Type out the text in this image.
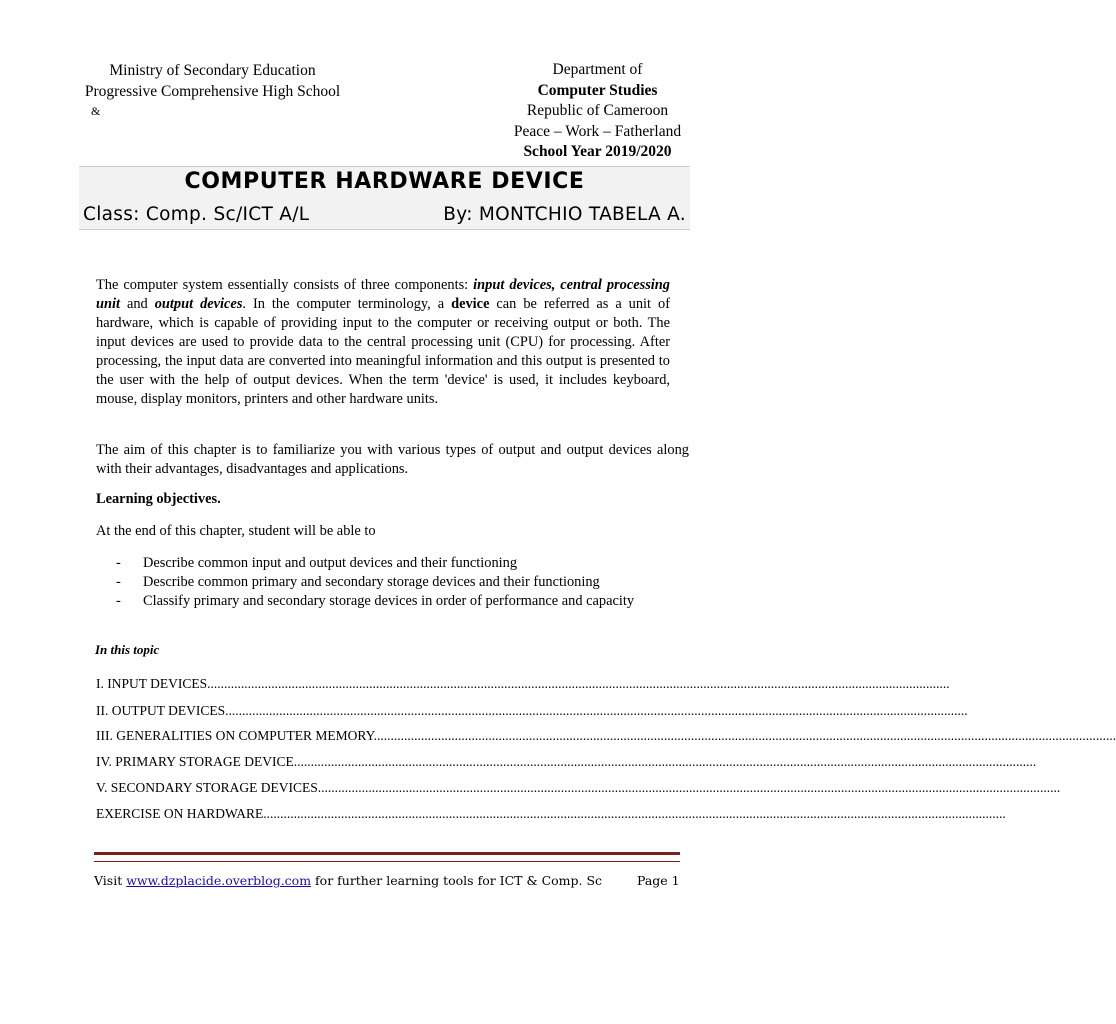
Ministry of Secondary Education
Progressive Comprehensive High School
&
Department of
Computer Studies
Republic of Cameroon
Peace – Work – Fatherland
School Year 2019/2020
COMPUTER HARDWARE DEVICE
Class: Comp. Sc/ICT A/L	By: MONTCHIO TABELA A.
The computer system essentially consists of three components: input devices, central processing unit and output devices. In the computer terminology, a device can be referred as a unit of hardware, which is capable of providing input to the computer or receiving output or both. The input devices are used to provide data to the central processing unit (CPU) for processing. After processing, the input data are converted into meaningful information and this output is presented to the user with the help of output devices. When the term 'device' is used, it includes keyboard, mouse, display monitors, printers and other hardware units.
The aim of this chapter is to familiarize you with various types of output and output devices along with their advantages, disadvantages and applications.
Learning objectives.
At the end of this chapter, student will be able to
- Describe common input and output devices and their functioning
- Describe common primary and secondary storage devices and their functioning
- Classify primary and secondary storage devices in order of performance and capacity
In this topic
I. INPUT DEVICES............................................................................................................................................................................................................................
II. OUTPUT DEVICES............................................................................................................................................................................................................................
III. GENERALITIES ON COMPUTER MEMORY............................................................................................................................................................................................................................
IV. PRIMARY STORAGE DEVICE............................................................................................................................................................................................................................
V. SECONDARY STORAGE DEVICES............................................................................................................................................................................................................................
EXERCISE ON HARDWARE............................................................................................................................................................................................................................
Visit www.dzplacide.overblog.com for further learning tools for ICT & Comp. Sc	Page 1
